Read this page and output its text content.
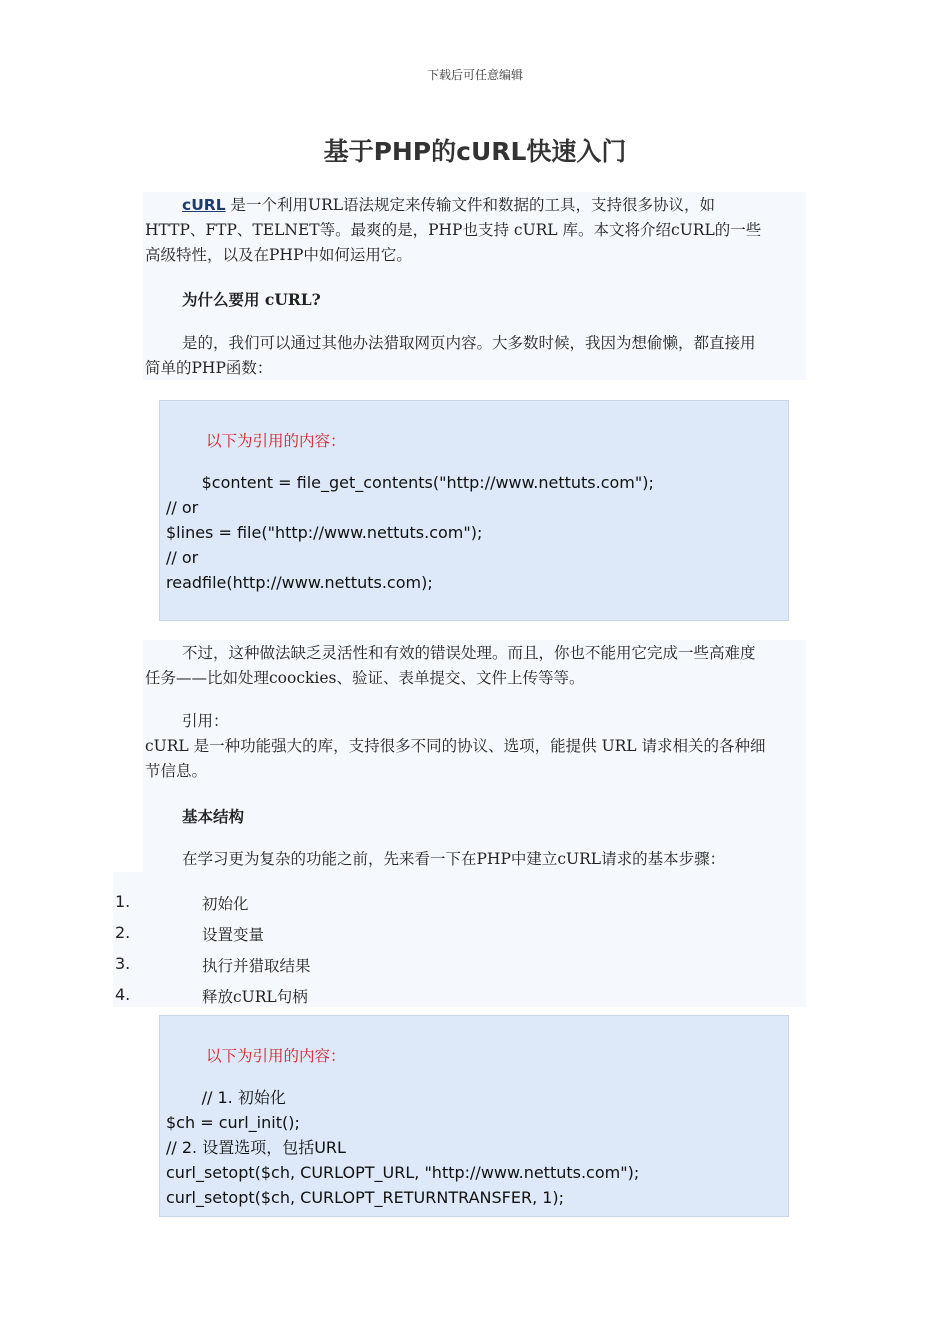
下载后可任意编辑
基于PHP的cURL快速入门
cURL 是一个利用URL语法规定来传输文件和数据的工具，支持很多协议，如
HTTP、FTP、TELNET等。最爽的是，PHP也支持 cURL 库。本文将介绍cURL的一些
高级特性，以及在PHP中如何运用它。
为什么要用 cURL?
是的，我们可以通过其他办法猎取网页内容。大多数时候，我因为想偷懒，都直接用
简单的PHP函数：
以下为引用的内容：
$content = file_get_contents("http://www.nettuts.com");
// or
$lines = file("http://www.nettuts.com");
// or
readfile(http://www.nettuts.com);
不过，这种做法缺乏灵活性和有效的错误处理。而且，你也不能用它完成一些高难度
任务——比如处理coockies、验证、表单提交、文件上传等等。
引用：
cURL 是一种功能强大的库，支持很多不同的协议、选项，能提供 URL 请求相关的各种细
节信息。
基本结构
在学习更为复杂的功能之前，先来看一下在PHP中建立cURL请求的基本步骤：
1.	初始化
2.	设置变量
3.	执行并猎取结果
4.	释放cURL句柄
以下为引用的内容：
// 1. 初始化
$ch = curl_init();
// 2. 设置选项，包括URL
curl_setopt($ch, CURLOPT_URL, "http://www.nettuts.com");
curl_setopt($ch, CURLOPT_RETURNTRANSFER, 1);
